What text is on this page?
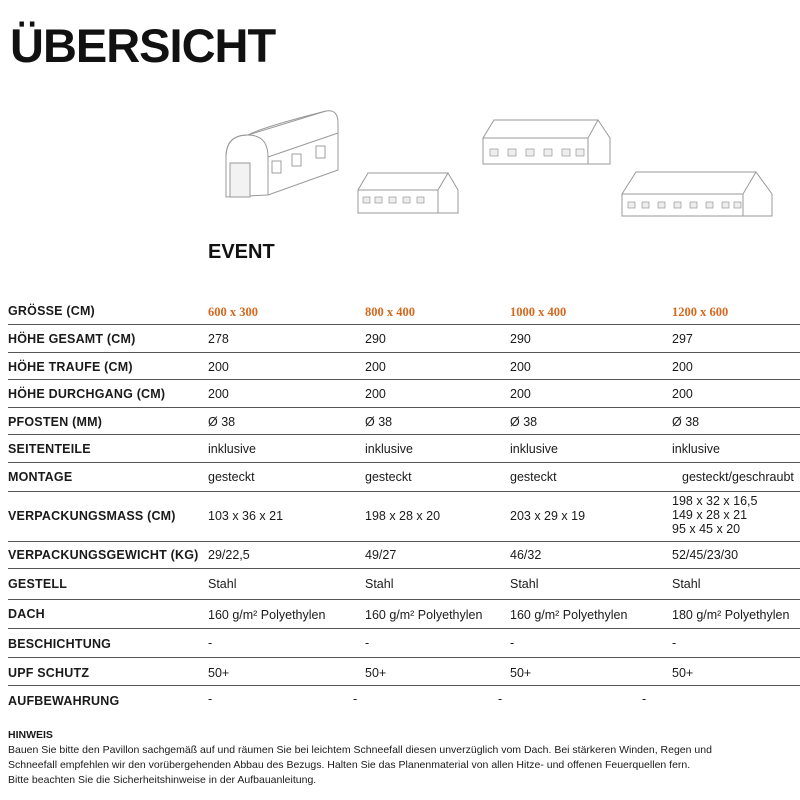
ÜBERSICHT
EVENT
GRÖSSE (CM)	600 x 300	800 x 400	1000 x 400	1200 x 600
HÖHE GESAMT (CM)	278	290	290	297
HÖHE TRAUFE (CM)	200	200	200	200
HÖHE DURCHGANG (CM)	200	200	200	200
PFOSTEN (MM)	Ø 38	Ø 38	Ø 38	Ø 38
SEITENTEILE	inklusive	inklusive	inklusive	inklusive
MONTAGE	gesteckt	gesteckt	gesteckt	gesteckt/geschraubt
VERPACKUNGSMASS (CM)	103 x 36 x 21	198 x 28 x 20	203 x 29 x 19
198 x 32 x 16,5
149 x 28 x 21
95 x 45 x 20
VERPACKUNGSGEWICHT (KG) 29/22,5	49/27	46/32	52/45/23/30
GESTELL	Stahl	Stahl	Stahl	Stahl
DACH	160 g/m² Polyethylen	160 g/m² Polyethylen 160 g/m² Polyethylen	180 g/m² Polyethylen
BESCHICHTUNG	-	-	-	-
UPF SCHUTZ	50+	50+	50+	50+
AUFBEWAHRUNG	-	-	-	-
HINWEIS
Bauen Sie bitte den Pavillon sachgemäß auf und räumen Sie bei leichtem Schneefall diesen unverzüglich vom Dach. Bei stärkeren Winden, Regen und
Schneefall empfehlen wir den vorübergehenden Abbau des Bezugs. Halten Sie das Planenmaterial von allen Hitze- und offenen Feuerquellen fern.
Bitte beachten Sie die Sicherheitshinweise in der Aufbauanleitung.
